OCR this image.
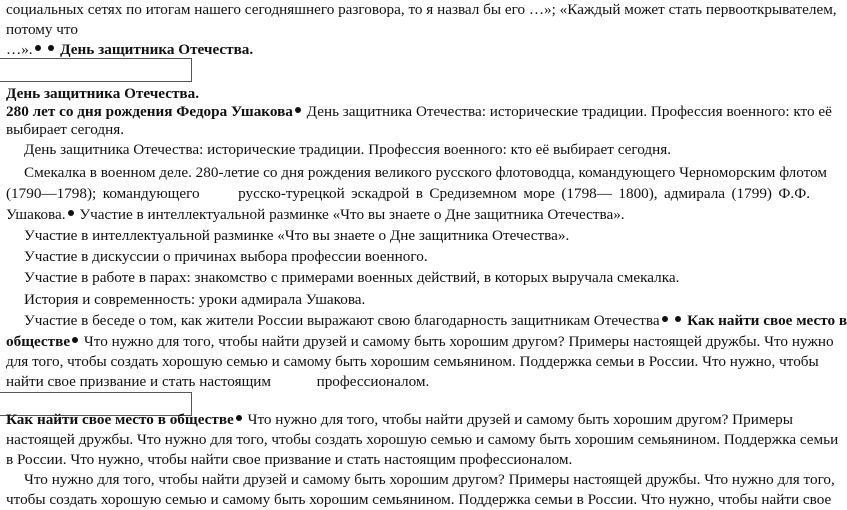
социальных сетях по итогам нашего сегодняшнего разговора, то я назвал бы его …»; «Каждый может стать первооткрывателем,
потому что
…». День защитника Отечества.
День защитника Отечества.
280 лет со дня рождения Федора Ушакова День защитника Отечества: исторические традиции. Профессия военного: кто её
выбирает сегодня.
День защитника Отечества: исторические традиции. Профессия военного: кто её выбирает сегодня.
Смекалка в военном деле. 280-летие со дня рождения великого русского флотоводца, командующего Черноморским флотом
(1790—1798); командующего      русско-турецкой эскадрой в Средиземном море (1798— 1800), адмирала (1799) Ф.Ф.
Ушакова. Участие в интеллектуальной разминке «Что вы знаете о Дне защитника Отечества».
Участие в интеллектуальной разминке «Что вы знаете о Дне защитника Отечества».
Участие в дискуссии о причинах выбора профессии военного.
Участие в работе в парах: знакомство с примерами военных действий, в которых выручала смекалка.
История и современность: уроки адмирала Ушакова.
Участие в беседе о том, как жители России выражают свою благодарность защитникам Отечества Как найти свое место в
обществе Что нужно для того, чтобы найти друзей и самому быть хорошим другом? Примеры настоящей дружбы. Что нужно
для того, чтобы создать хорошую семью и самому быть хорошим семьянином. Поддержка семьи в России. Что нужно, чтобы
найти свое призвание и стать настоящим            профессионалом.
Как найти свое место в обществе Что нужно для того, чтобы найти друзей и самому быть хорошим другом? Примеры
настоящей дружбы. Что нужно для того, чтобы создать хорошую семью и самому быть хорошим семьянином. Поддержка семьи
в России. Что нужно, чтобы найти свое призвание и стать настоящим профессионалом.
Что нужно для того, чтобы найти друзей и самому быть хорошим другом? Примеры настоящей дружбы. Что нужно для того,
чтобы создать хорошую семью и самому быть хорошим семьянином. Поддержка семьи в России. Что нужно, чтобы найти свое
